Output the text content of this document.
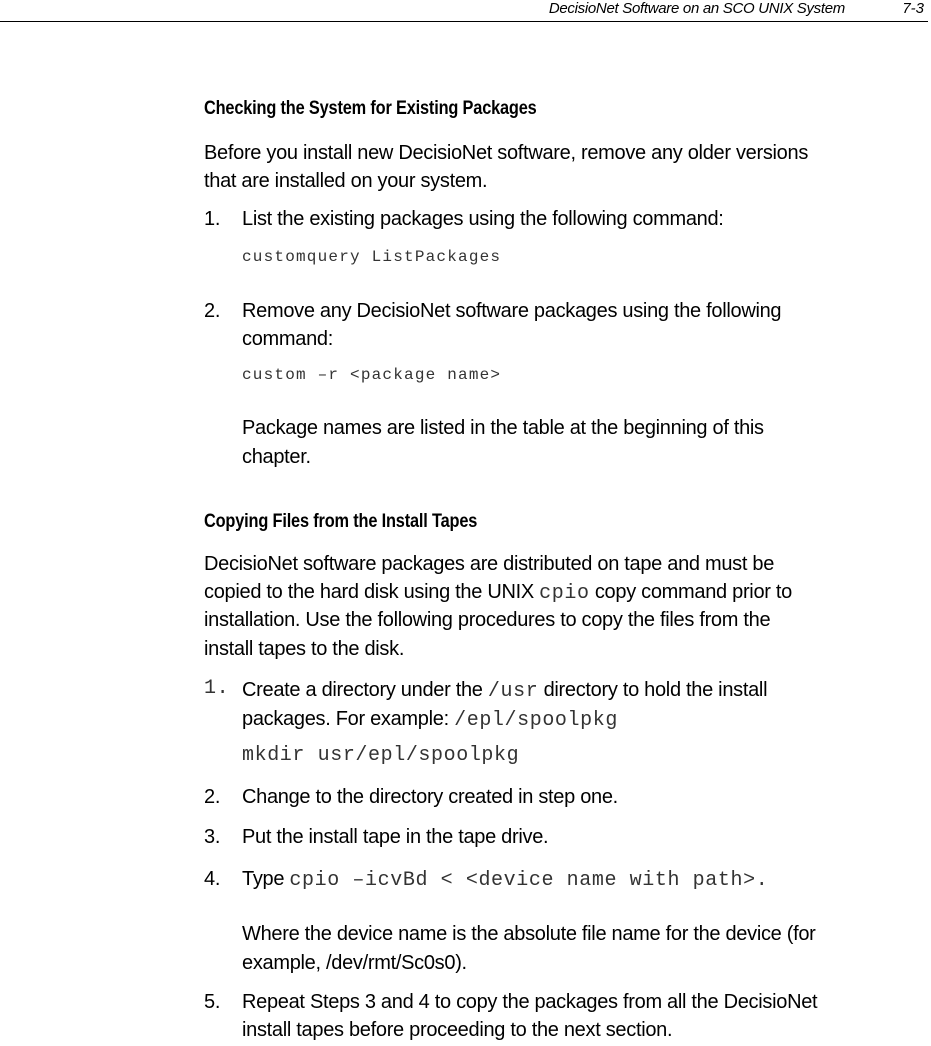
DecisioNet Software on an SCO UNIX System	7-3
Checking the System for Existing Packages
Before you install new DecisioNet software, remove any older versions
that are installed on your system.
1.	List the existing packages using the following command:
customquery ListPackages
2.	Remove any DecisioNet software packages using the following
command:
custom –r <package name>
Package names are listed in the table at the beginning of this
chapter.
Copying Files from the Install Tapes
DecisioNet software packages are distributed on tape and must be
copied to the hard disk using the UNIX cpio copy command prior to
installation. Use the following procedures to copy the files from the
install tapes to the disk.
1. Create a directory under the /usr directory to hold the install
packages. For example: /epl/spoolpkg
mkdir usr/epl/spoolpkg
2.	Change to the directory created in step one.
3.	Put the install tape in the tape drive.
4.	Type cpio –icvBd < <device name with path>.
Where the device name is the absolute file name for the device (for
example, /dev/rmt/Sc0s0).
5.	Repeat Steps 3 and 4 to copy the packages from all the DecisioNet
install tapes before proceeding to the next section.
